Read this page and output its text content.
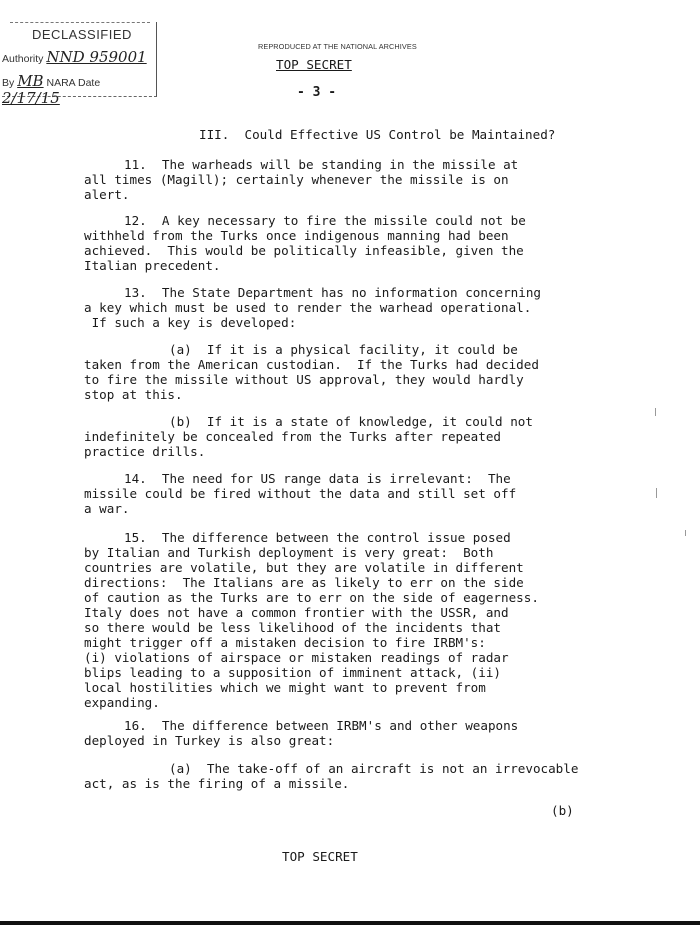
DECLASSIFIED
Authority NND 959001
By MB NARA Date 2/17/15
REPRODUCED AT THE NATIONAL ARCHIVES
TOP SECRET
- 3 -
III.  Could Effective US Control be Maintained?
11.  The warheads will be standing in the missile at
all times (Magill); certainly whenever the missile is on
alert.
12.  A key necessary to fire the missile could not be
withheld from the Turks once indigenous manning had been
achieved.  This would be politically infeasible, given the
Italian precedent.
13.  The State Department has no information concerning
a key which must be used to render the warhead operational.
If such a key is developed:
(a)  If it is a physical facility, it could be
taken from the American custodian.  If the Turks had decided
to fire the missile without US approval, they would hardly
stop at this.
(b)  If it is a state of knowledge, it could not
indefinitely be concealed from the Turks after repeated
practice drills.
14.  The need for US range data is irrelevant:  The
missile could be fired without the data and still set off
a war.
15.  The difference between the control issue posed
by Italian and Turkish deployment is very great:  Both
countries are volatile, but they are volatile in different
directions:  The Italians are as likely to err on the side
of caution as the Turks are to err on the side of eagerness.
Italy does not have a common frontier with the USSR, and
so there would be less likelihood of the incidents that
might trigger off a mistaken decision to fire IRBM's:
(i) violations of airspace or mistaken readings of radar
blips leading to a supposition of imminent attack, (ii)
local hostilities which we might want to prevent from
expanding.
16.  The difference between IRBM's and other weapons
deployed in Turkey is also great:
(a)  The take-off of an aircraft is not an irrevocable
act, as is the firing of a missile.
(b)
TOP SECRET
